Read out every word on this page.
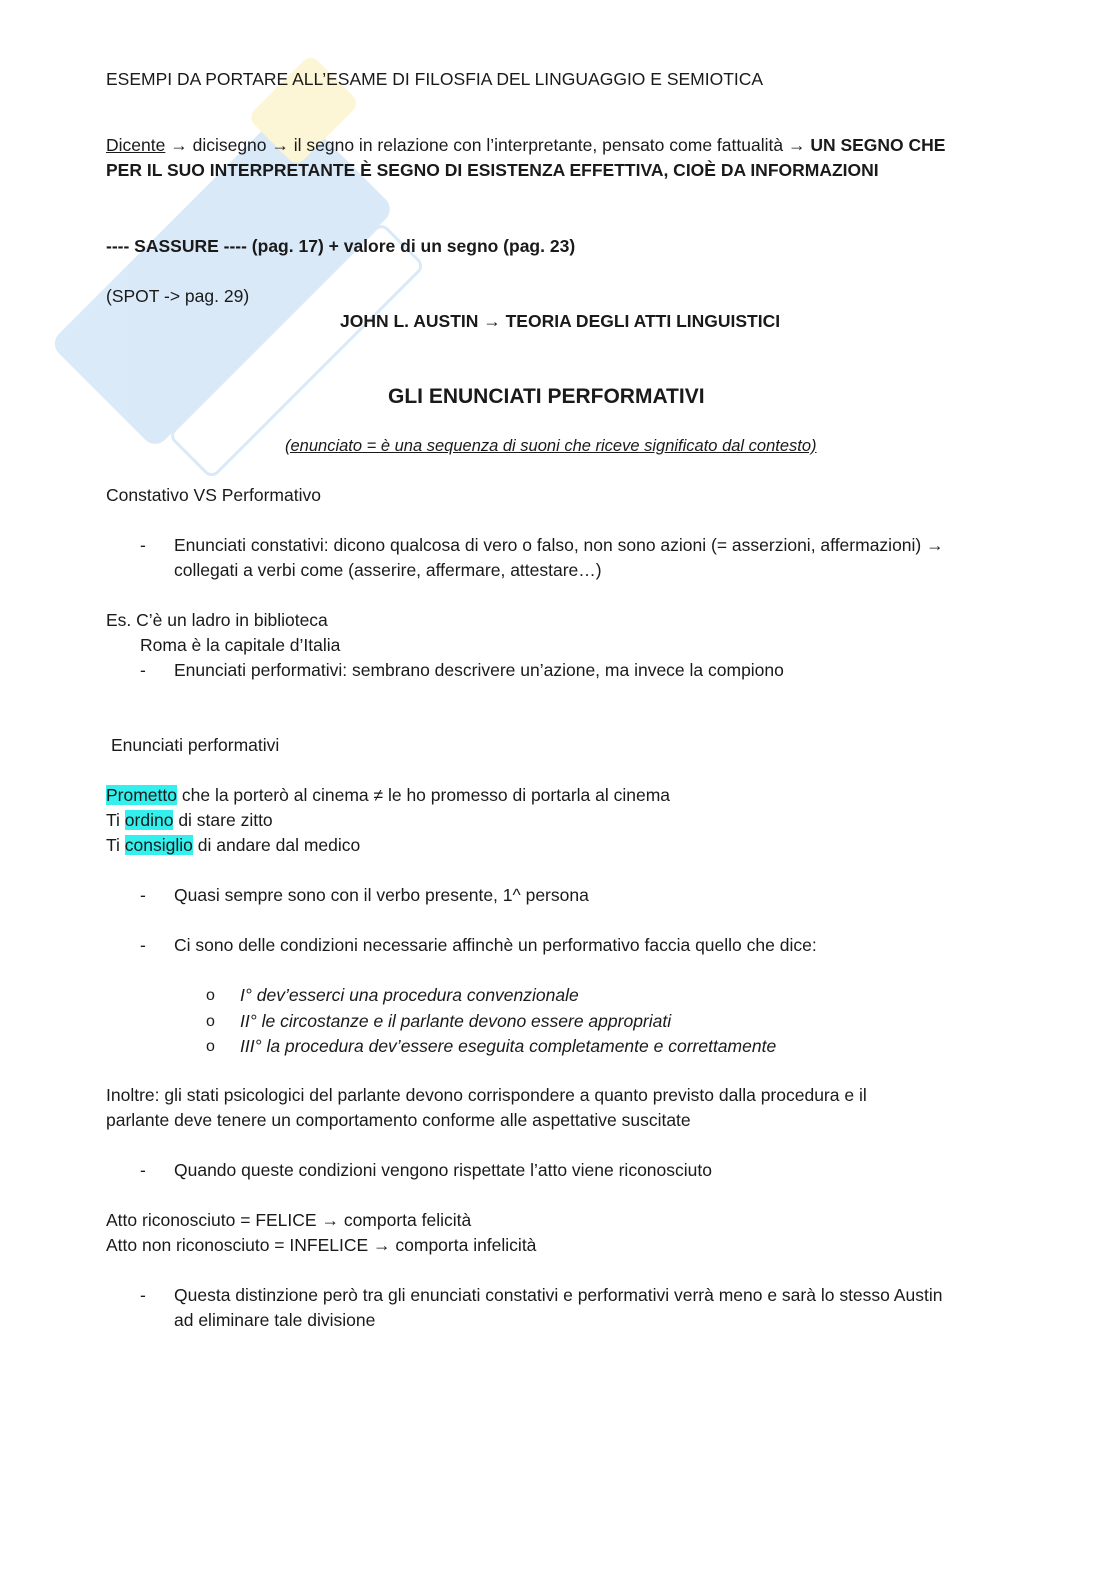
ESEMPI DA PORTARE ALL’ESAME DI FILOSFIA DEL LINGUAGGIO E SEMIOTICA
Dicente → dicisegno → il segno in relazione con l’interpretante, pensato come fattualità → UN SEGNO CHE
PER IL SUO INTERPRETANTE È SEGNO DI ESISTENZA EFFETTIVA, CIOÈ DA INFORMAZIONI
---- SASSURE ---- (pag. 17) + valore di un segno (pag. 23)
(SPOT -> pag. 29)
JOHN L. AUSTIN → TEORIA DEGLI ATTI LINGUISTICI
GLI ENUNCIATI PERFORMATIVI
(enunciato = è una sequenza di suoni che riceve significato dal contesto)
Constativo VS Performativo
Enunciati constativi: dicono qualcosa di vero o falso, non sono azioni (= asserzioni, affermazioni) →
-
collegati a verbi come (asserire, affermare, attestare…)
Es. C’è un ladro in biblioteca
Roma è la capitale d’Italia
- Enunciati performativi: sembrano descrivere un’azione, ma invece la compiono
Enunciati performativi
Prometto che la porterò al cinema ≠ le ho promesso di portarla al cinema
Ti ordino di stare zitto
Ti consiglio di andare dal medico
- Quasi sempre sono con il verbo presente, 1^ persona
- Ci sono delle condizioni necessarie affinchè un performativo faccia quello che dice:
o I° dev’esserci una procedura convenzionale
o II° le circostanze e il parlante devono essere appropriati
o III° la procedura dev’essere eseguita completamente e correttamente
Inoltre: gli stati psicologici del parlante devono corrispondere a quanto previsto dalla procedura e il
parlante deve tenere un comportamento conforme alle aspettative suscitate
- Quando queste condizioni vengono rispettate l’atto viene riconosciuto
Atto riconosciuto = FELICE → comporta felicità
Atto non riconosciuto = INFELICE → comporta infelicità
- Questa distinzione però tra gli enunciati constativi e performativi verrà meno e sarà lo stesso Austin
ad eliminare tale divisione
